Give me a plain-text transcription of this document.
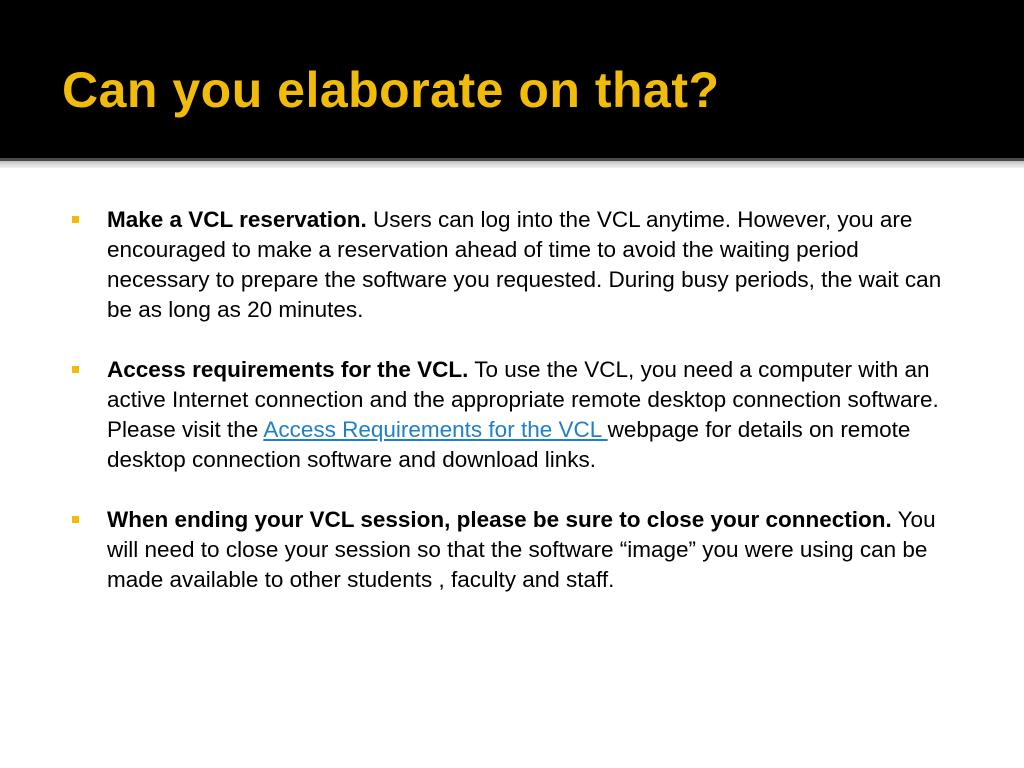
Can you elaborate on that?
Make a VCL reservation. Users can log into the VCL anytime. However, you are encouraged to make a reservation ahead of time to avoid the waiting period necessary to prepare the software you requested. During busy periods, the wait can be as long as 20 minutes.
Access requirements for the VCL. To use the VCL, you need a computer with an active Internet connection and the appropriate remote desktop connection software. Please visit the Access Requirements for the VCL webpage for details on remote desktop connection software and download links.
When ending your VCL session, please be sure to close your connection. You will need to close your session so that the software “image” you were using can be made available to other students , faculty and staff.
